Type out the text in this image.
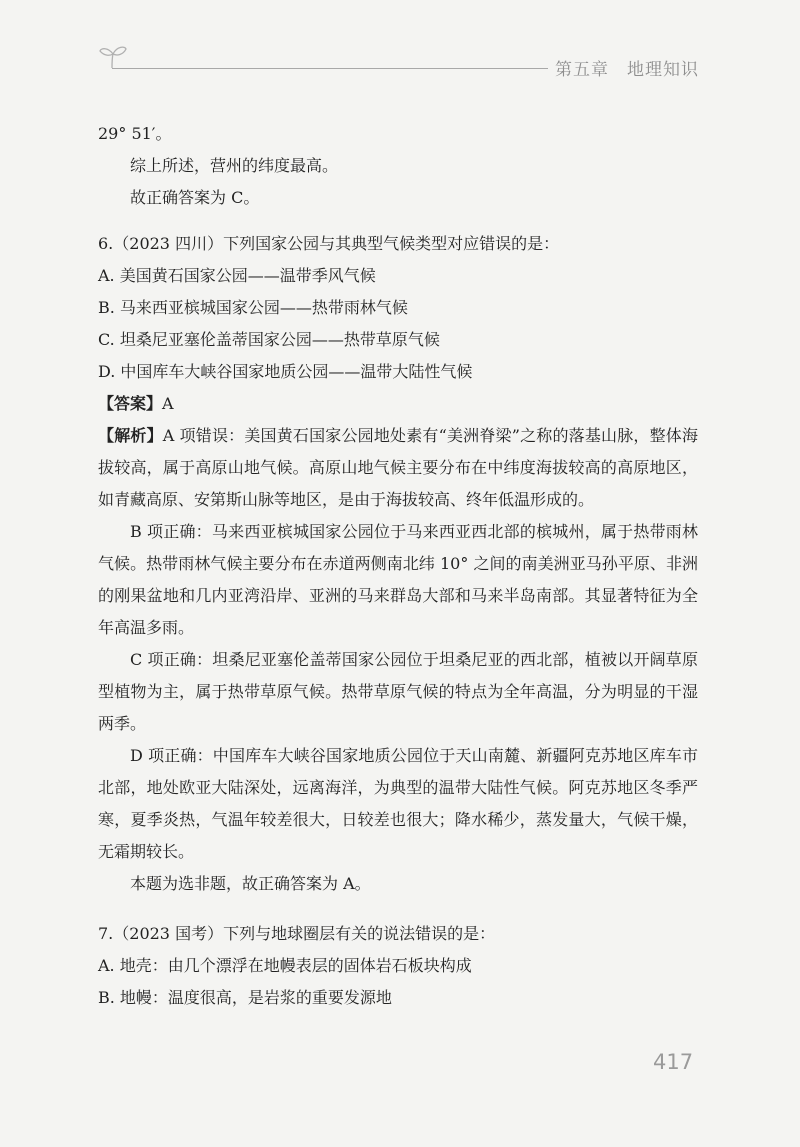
第五章 地理知识

29° 51′。

综上所述，营州的纬度最高。

故正确答案为 C。

6.（2023 四川）下列国家公园与其典型气候类型对应错误的是：

A. 美国黄石国家公园——温带季风气候

B. 马来西亚槟城国家公园——热带雨林气候

C. 坦桑尼亚塞伦盖蒂国家公园——热带草原气候

D. 中国库车大峡谷国家地质公园——温带大陆性气候

【答案】A

【解析】A 项错误：美国黄石国家公园地处素有“美洲脊梁”之称的落基山脉，整体海拔较高，属于高原山地气候。高原山地气候主要分布在中纬度海拔较高的高原地区，如青藏高原、安第斯山脉等地区，是由于海拔较高、终年低温形成的。

B 项正确：马来西亚槟城国家公园位于马来西亚西北部的槟城州，属于热带雨林气候。热带雨林气候主要分布在赤道两侧南北纬 10° 之间的南美洲亚马孙平原、非洲的刚果盆地和几内亚湾沿岸、亚洲的马来群岛大部和马来半岛南部。其显著特征为全年高温多雨。

C 项正确：坦桑尼亚塞伦盖蒂国家公园位于坦桑尼亚的西北部，植被以开阔草原型植物为主，属于热带草原气候。热带草原气候的特点为全年高温，分为明显的干湿两季。

D 项正确：中国库车大峡谷国家地质公园位于天山南麓、新疆阿克苏地区库车市北部，地处欧亚大陆深处，远离海洋，为典型的温带大陆性气候。阿克苏地区冬季严寒，夏季炎热，气温年较差很大，日较差也很大；降水稀少，蒸发量大，气候干燥，无霜期较长。

本题为选非题，故正确答案为 A。

7.（2023 国考）下列与地球圈层有关的说法错误的是：

A. 地壳：由几个漂浮在地幔表层的固体岩石板块构成

B. 地幔：温度很高，是岩浆的重要发源地

417
